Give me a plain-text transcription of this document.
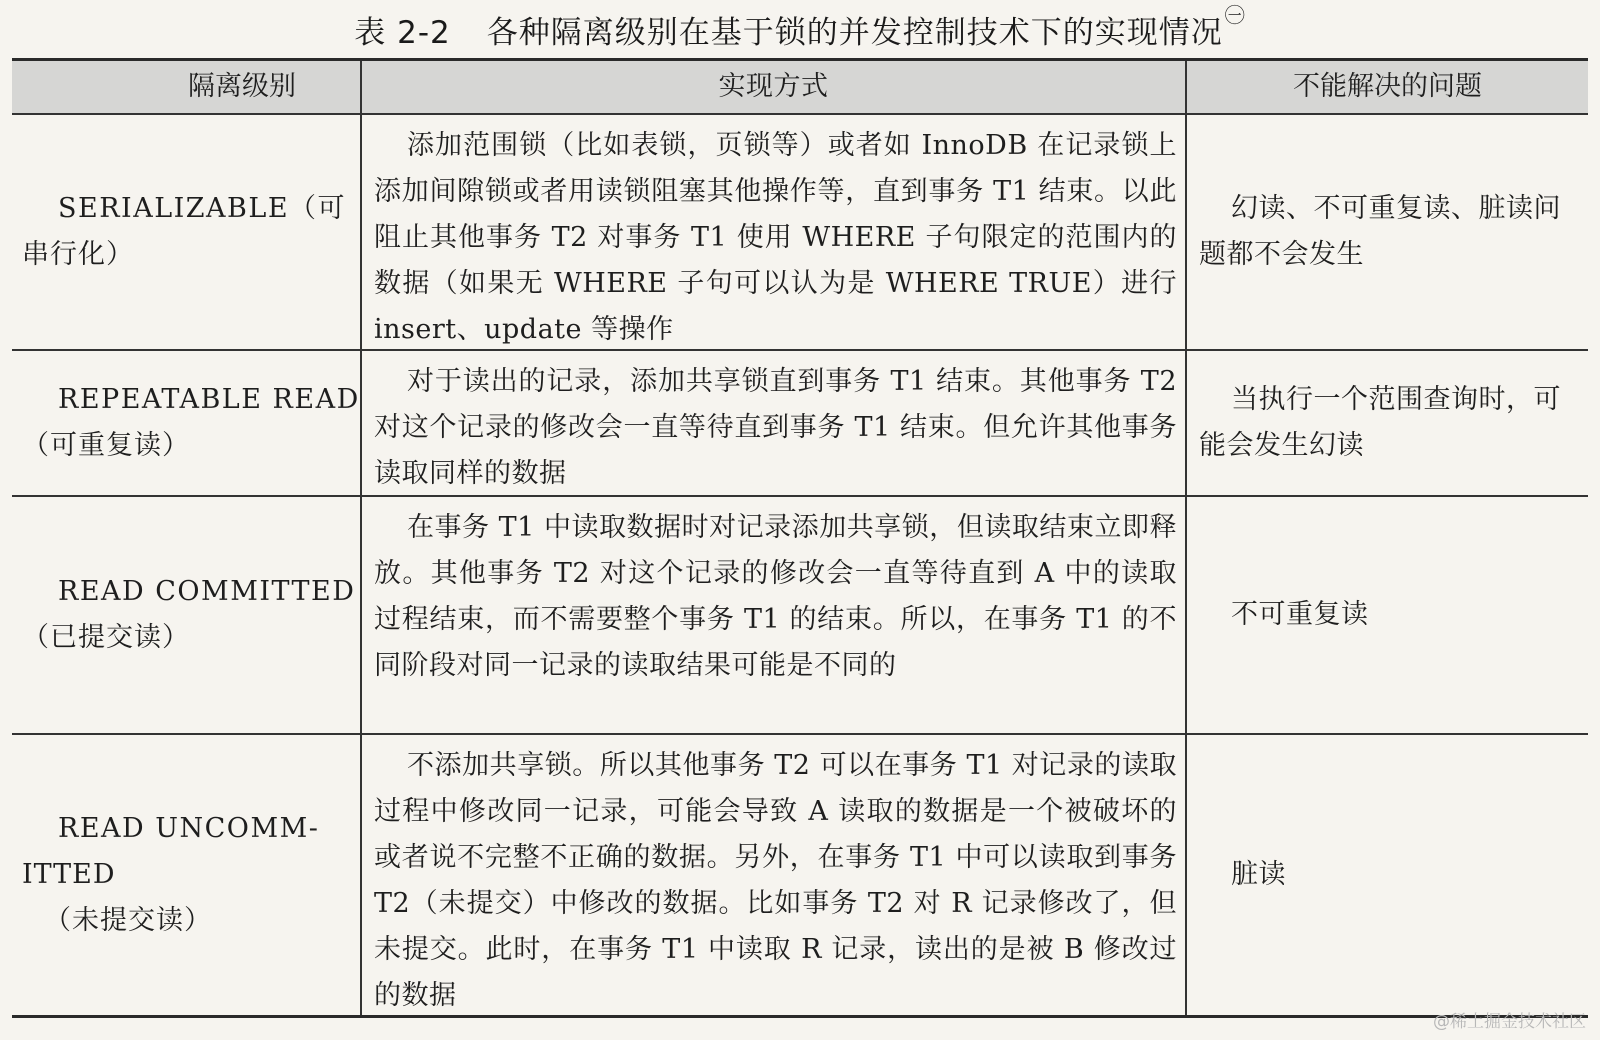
表 2-2 各种隔离级别在基于锁的并发控制技术下的实现情况 ㊀
隔离级别	实现方式	不能解决的问题
SERIALIZABLE（可
串行化）
添加范围锁（比如表锁，页锁等）或者如 InnoDB 在记录锁上添加间隙锁或者用读锁阻塞其他操作等，直到事务 T1 结束。以此阻止其他事务 T2 对事务 T1 使用 WHERE 子句限定的范围内的数据（如果无 WHERE 子句可以认为是 WHERE TRUE）进行 insert、update 等操作
幻读、不可重复读、脏读问题都不会发生
REPEATABLE READ
（可重复读）
对于读出的记录，添加共享锁直到事务 T1 结束。其他事务 T2 对这个记录的修改会一直等待直到事务 T1 结束。但允许其他事务读取同样的数据
当执行一个范围查询时，可能会发生幻读
READ COMMITTED
（已提交读）
在事务 T1 中读取数据时对记录添加共享锁，但读取结束立即释放。其他事务 T2 对这个记录的修改会一直等待直到 A 中的读取过程结束，而不需要整个事务 T1 的结束。所以，在事务 T1 的不同阶段对同一记录的读取结果可能是不同的
不可重复读
READ UNCOMM-
ITTED
（未提交读）
不添加共享锁。所以其他事务 T2 可以在事务 T1 对记录的读取过程中修改同一记录，可能会导致 A 读取的数据是一个被破坏的或者说不完整不正确的数据。另外，在事务 T1 中可以读取到事务 T2（未提交）中修改的数据。比如事务 T2 对 R 记录修改了，但未提交。此时，在事务 T1 中读取 R 记录，读出的是被 B 修改过的数据
脏读
@稀土掘金技术社区
